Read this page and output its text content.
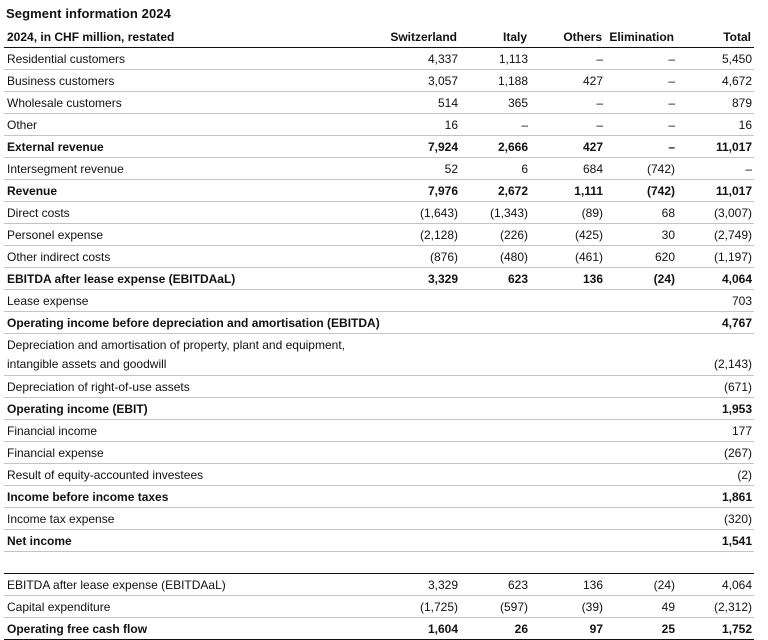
Segment information 2024
2024, in CHF million, restated	Switzerland	Italy	Others	Elimination	Total
Residential customers	4,337	1,113	–	–	5,450
Business customers	3,057	1,188	427	–	4,672
Wholesale customers	514	365	–	–	879
Other	16	–	–	–	16
External revenue	7,924	2,666	427	–	11,017
Intersegment revenue	52	6	684	(742)	–
Revenue	7,976	2,672	1,111	(742)	11,017
Direct costs	(1,643)	(1,343)	(89)	68	(3,007)
Personel expense	(2,128)	(226)	(425)	30	(2,749)
Other indirect costs	(876)	(480)	(461)	620	(1,197)
EBITDA after lease expense (EBITDAaL)	3,329	623	136	(24)	4,064
Lease expense					703
Operating income before depreciation and amortisation (EBITDA)					4,767
Depreciation and amortisation of property, plant and equipment, intangible assets and goodwill					(2,143)
Depreciation of right-of-use assets					(671)
Operating income (EBIT)					1,953
Financial income					177
Financial expense					(267)
Result of equity-accounted investees					(2)
Income before income taxes					1,861
Income tax expense					(320)
Net income					1,541

EBITDA after lease expense (EBITDAaL)	3,329	623	136	(24)	4,064
Capital expenditure	(1,725)	(597)	(39)	49	(2,312)
Operating free cash flow	1,604	26	97	25	1,752
